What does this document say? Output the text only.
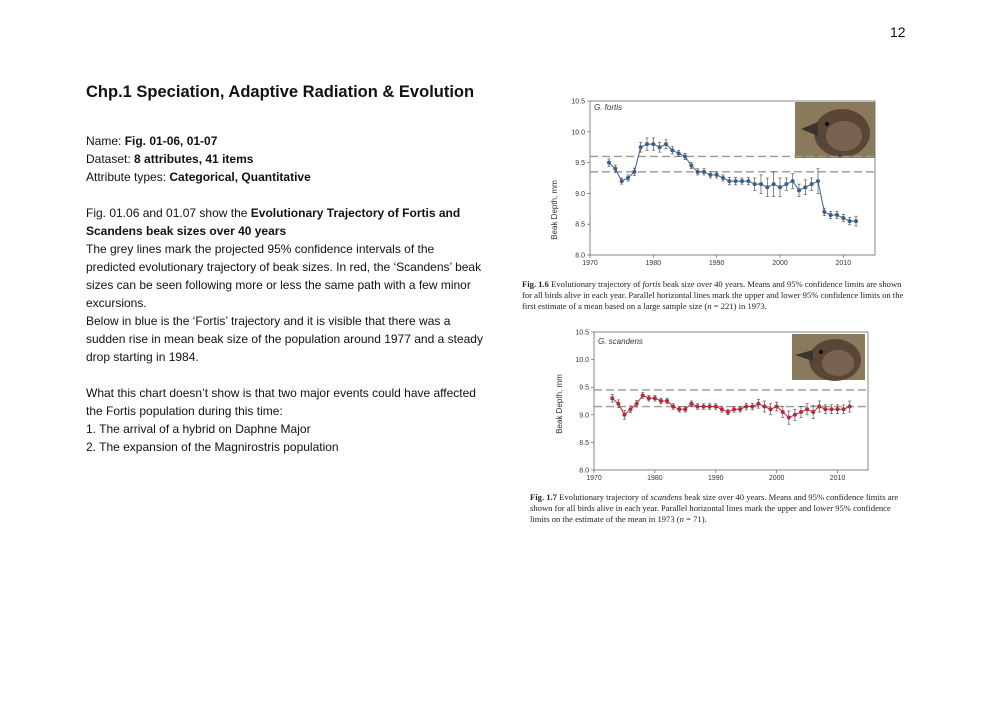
12
Chp.1 Speciation, Adaptive Radiation & Evolution
Name: Fig. 01-06, 01-07
Dataset: 8 attributes, 41 items
Attribute types: Categorical, Quantitative

Fig. 01.06 and 01.07 show the Evolutionary Trajectory of Fortis and Scandens beak sizes over 40 years

The grey lines mark the projected 95% confidence intervals of the predicted evolutionary trajectory of beak sizes. In red, the ‘Scandens’ beak sizes can be seen following more or less the same path with a few minor excursions.

Below in blue is the ‘Fortis’ trajectory and it is visible that there was a sudden rise in mean beak size of the population around 1977 and a steady drop starting in 1984.

What this chart doesn’t show is that two major events could have affected the Fortis population during this time:

1. The arrival of a hybrid on Daphne Major

2. The expansion of the Magnirostris population

Beak Depth, mm
G. fortis
8.0
8.5
9.0
9.5
10.0
10.5
1970	1980	1990	2000	2010
Fig. 1.6 Evolutionary trajectory of fortis beak size over 40 years. Means and 95% confidence limits are shown for all birds alive in each year. Parallel horizontal lines mark the upper and lower 95% confidence limits on the first estimate of a mean based on a large sample size (n = 221) in 1973.
Beak Depth, mm
G. scandens
8.0
8.5
9.0
9.5
10.0
10.5
1970	1980	1990	2000	2010
Fig. 1.7 Evolutionary trajectory of scandens beak size over 40 years. Means and 95% confidence limits are shown for all birds alive in each year. Parallel horizontal lines mark the upper and lower 95% confidence limits on the estimate of the mean in 1973 (n = 71).
